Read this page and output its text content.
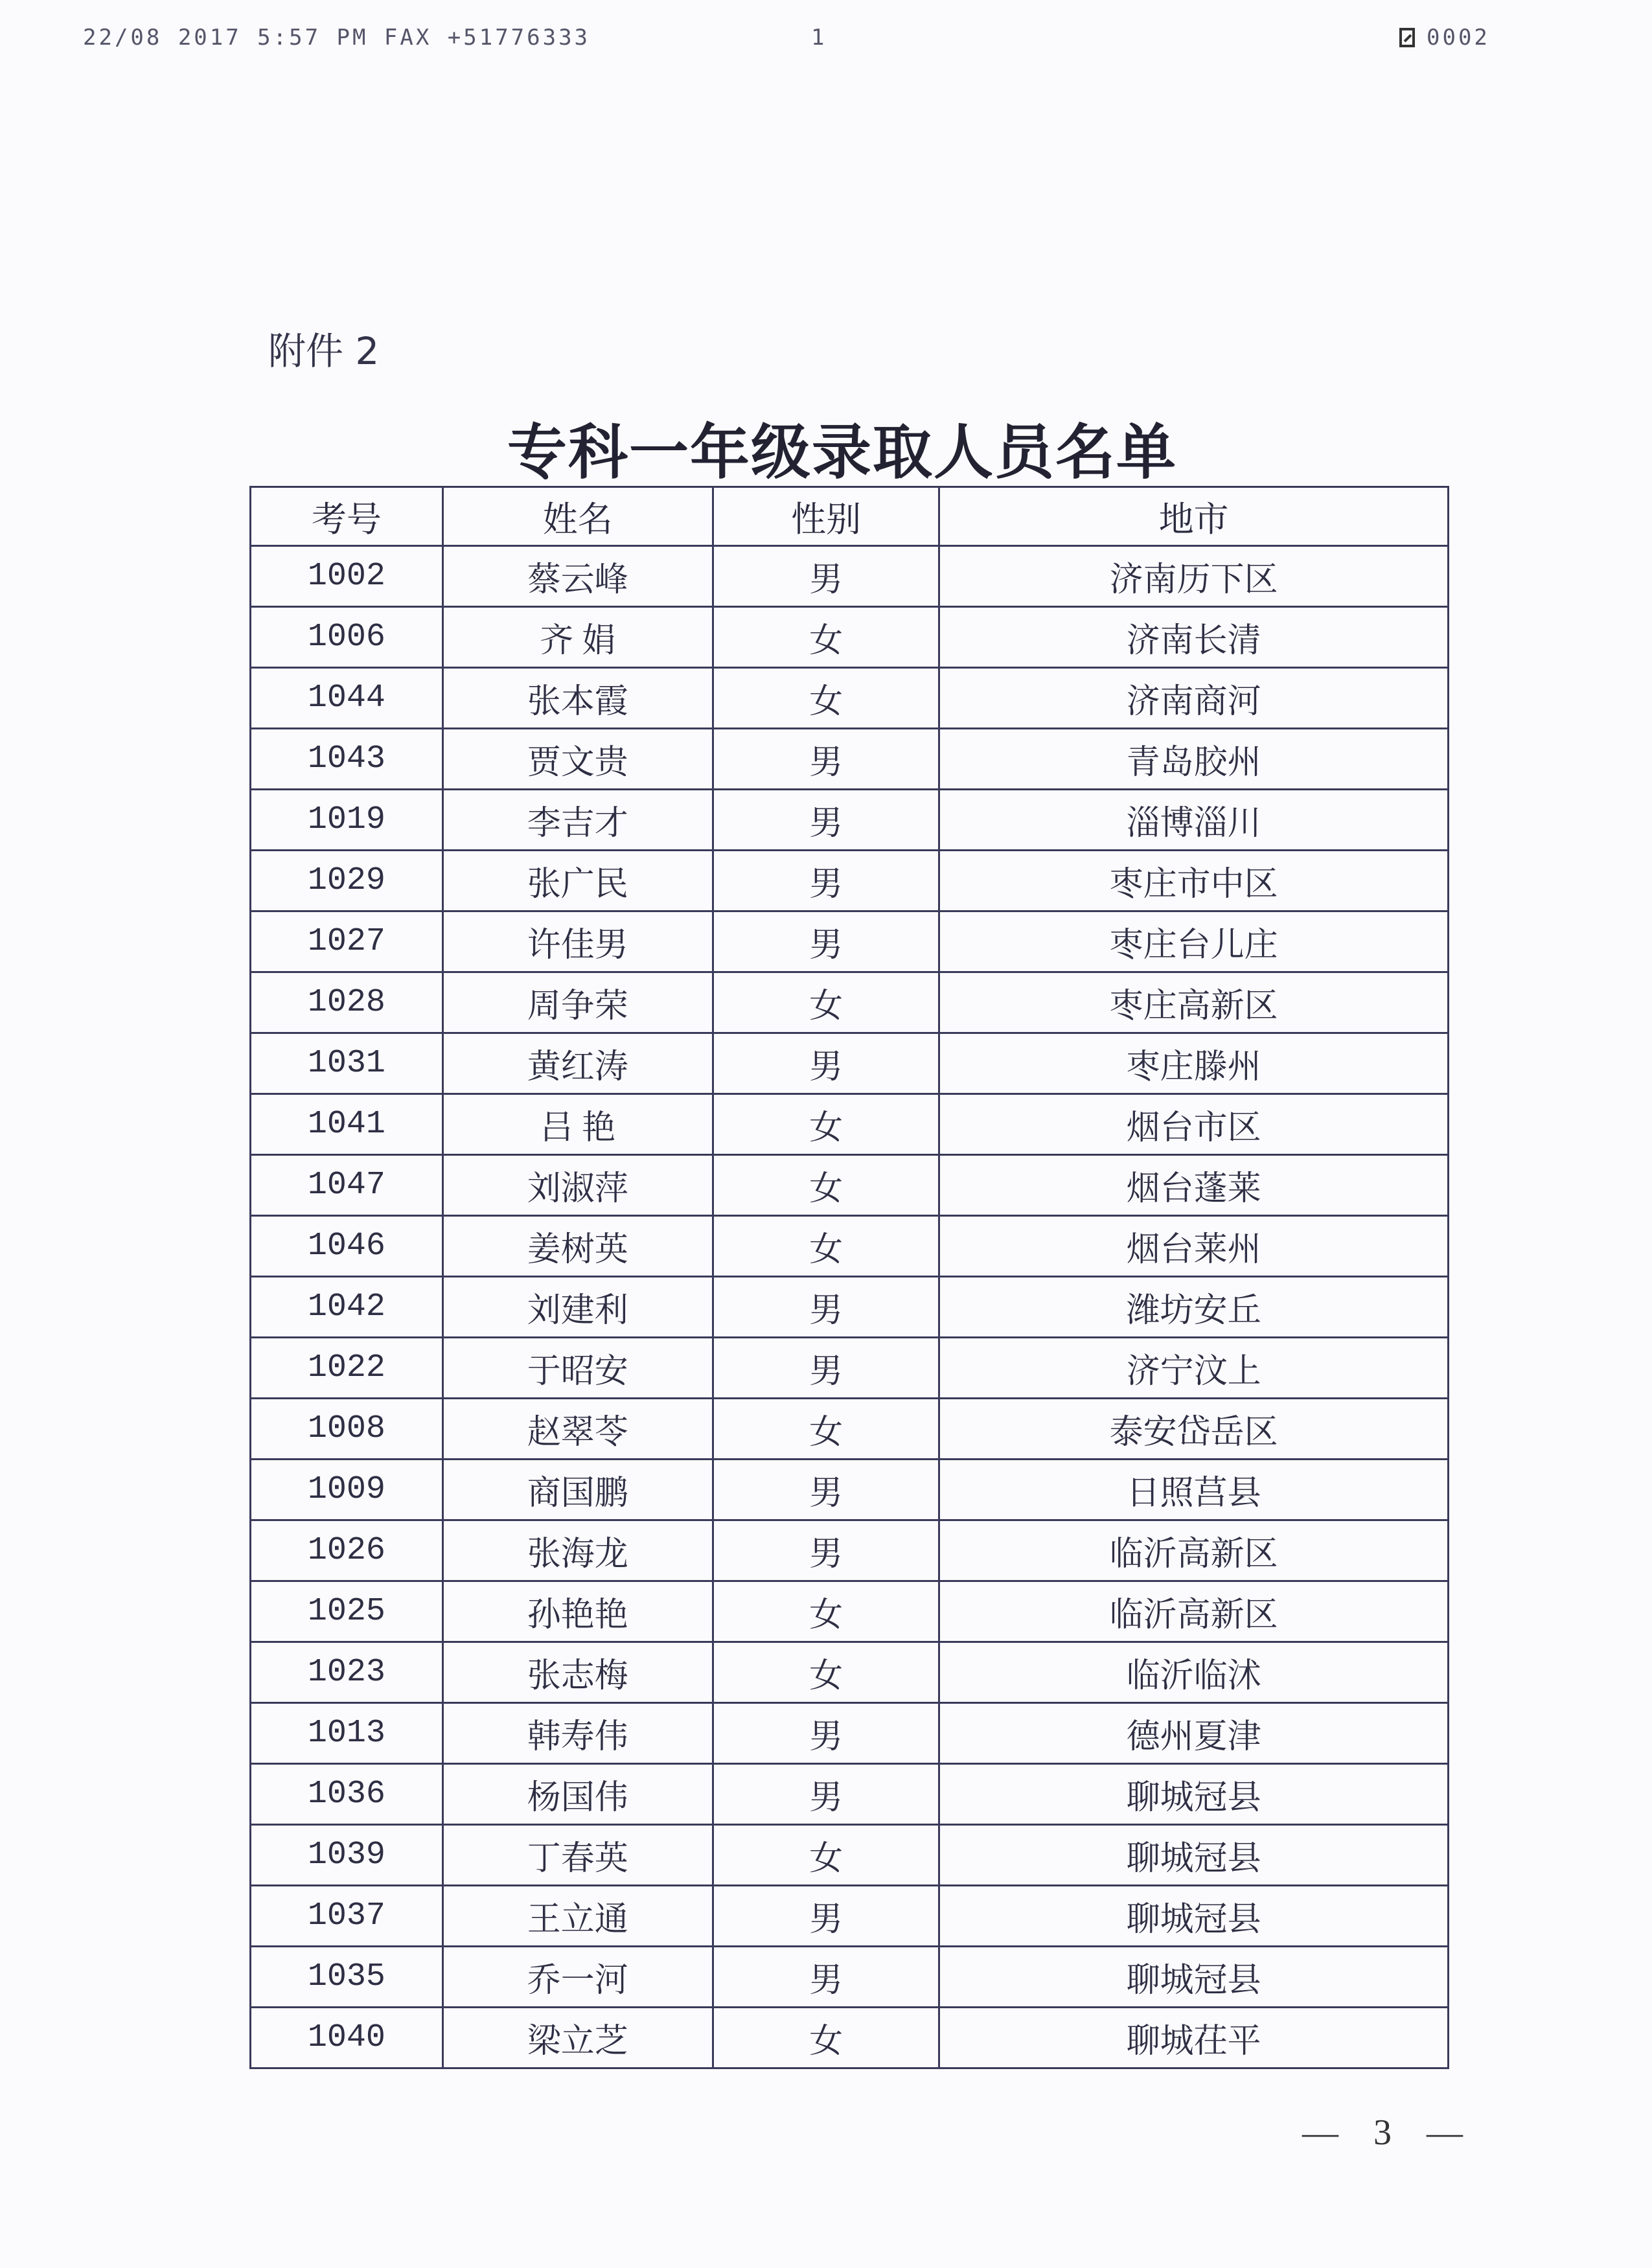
22/08 2017 5:57 PM FAX +51776333	1	0002
附件 2
专科一年级录取人员名单
考号	姓名	性别	地市
1002	蔡云峰	男	济南历下区
1006	齐 娟	女	济南长清
1044	张本霞	女	济南商河
1043	贾文贵	男	青岛胶州
1019	李吉才	男	淄博淄川
1029	张广民	男	枣庄市中区
1027	许佳男	男	枣庄台儿庄
1028	周争荣	女	枣庄高新区
1031	黄红涛	男	枣庄滕州
1041	吕 艳	女	烟台市区
1047	刘淑萍	女	烟台蓬莱
1046	姜树英	女	烟台莱州
1042	刘建利	男	潍坊安丘
1022	于昭安	男	济宁汶上
1008	赵翠苓	女	泰安岱岳区
1009	商国鹏	男	日照莒县
1026	张海龙	男	临沂高新区
1025	孙艳艳	女	临沂高新区
1023	张志梅	女	临沂临沭
1013	韩寿伟	男	德州夏津
1036	杨国伟	男	聊城冠县
1039	丁春英	女	聊城冠县
1037	王立通	男	聊城冠县
1035	乔一河	男	聊城冠县
1040	梁立芝	女	聊城茌平
— 3 —
